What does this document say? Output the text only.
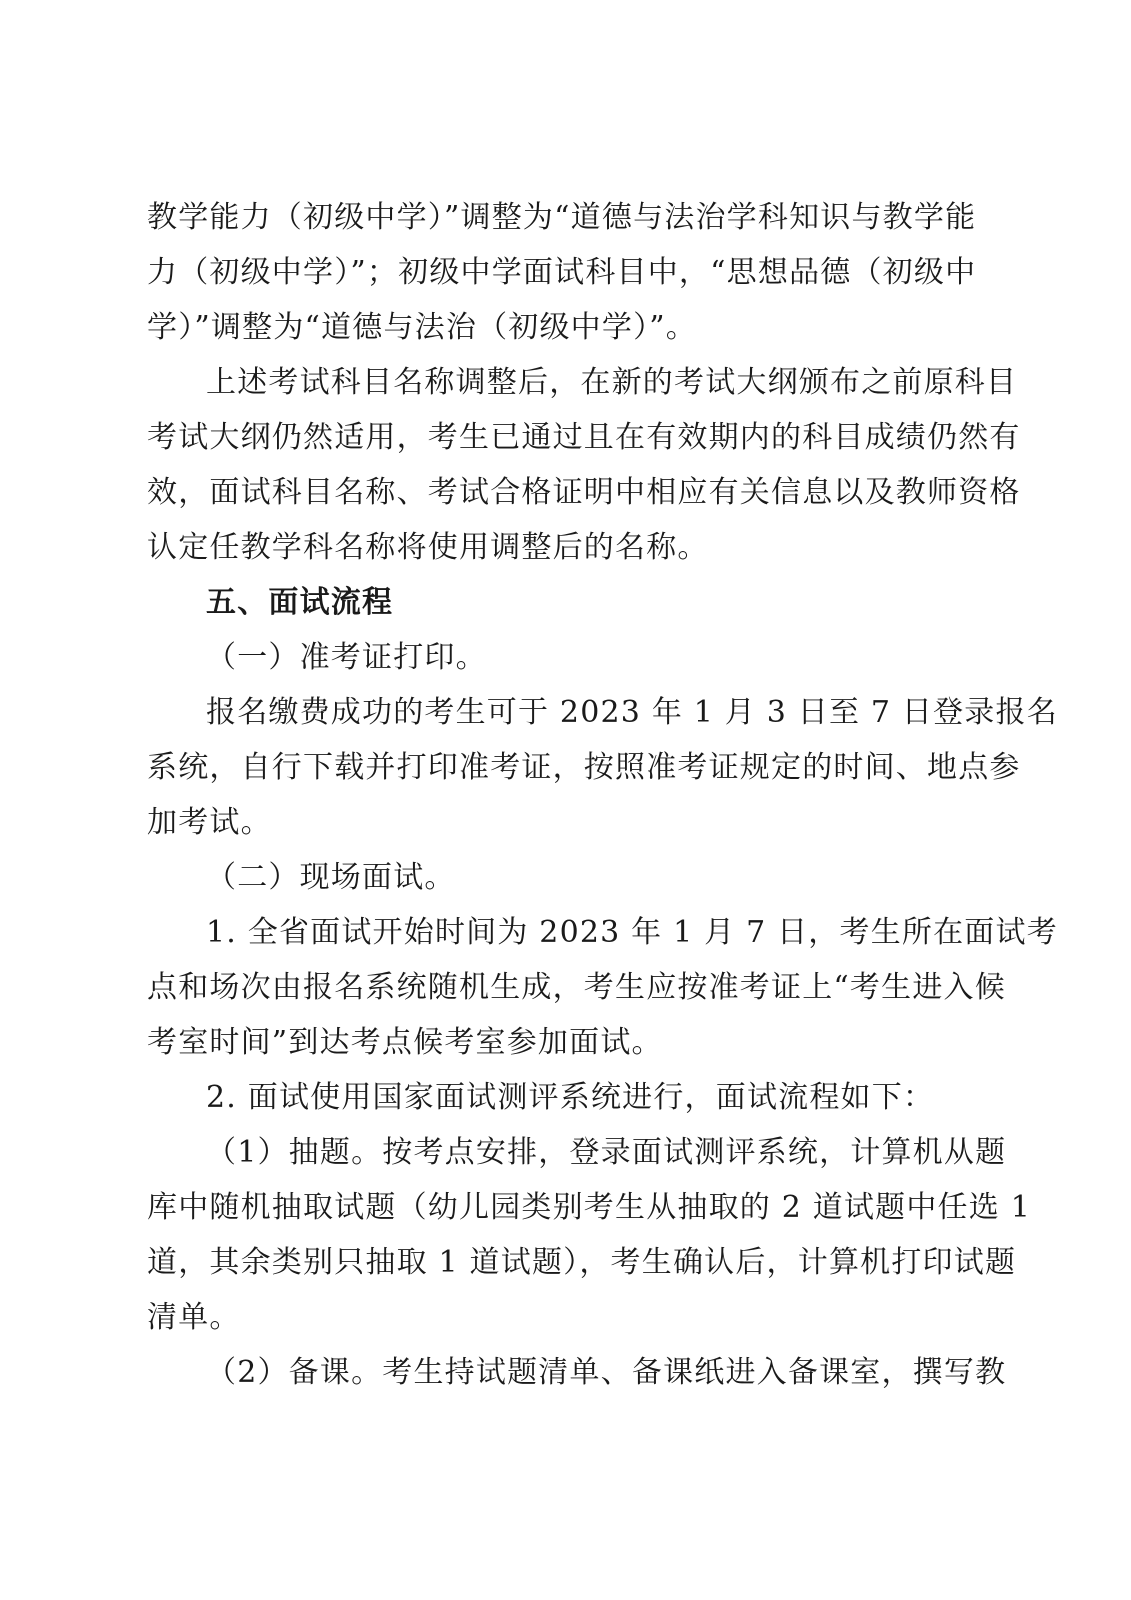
教学能力（初级中学）”调整为“道德与法治学科知识与教学能
力（初级中学）”；初级中学面试科目中，“思想品德（初级中
学）”调整为“道德与法治（初级中学）”。
上述考试科目名称调整后，在新的考试大纲颁布之前原科目
考试大纲仍然适用，考生已通过且在有效期内的科目成绩仍然有
效，面试科目名称、考试合格证明中相应有关信息以及教师资格
认定任教学科名称将使用调整后的名称。
五、面试流程
（一）准考证打印。
报名缴费成功的考生可于 2023 年 1 月 3 日至 7 日登录报名
系统，自行下载并打印准考证，按照准考证规定的时间、地点参
加考试。
（二）现场面试。
1. 全省面试开始时间为 2023 年 1 月 7 日，考生所在面试考
点和场次由报名系统随机生成，考生应按准考证上“考生进入候
考室时间”到达考点候考室参加面试。
2. 面试使用国家面试测评系统进行，面试流程如下：
（1）抽题。按考点安排，登录面试测评系统，计算机从题
库中随机抽取试题（幼儿园类别考生从抽取的 2 道试题中任选 1
道，其余类别只抽取 1 道试题），考生确认后，计算机打印试题
清单。
（2）备课。考生持试题清单、备课纸进入备课室，撰写教
